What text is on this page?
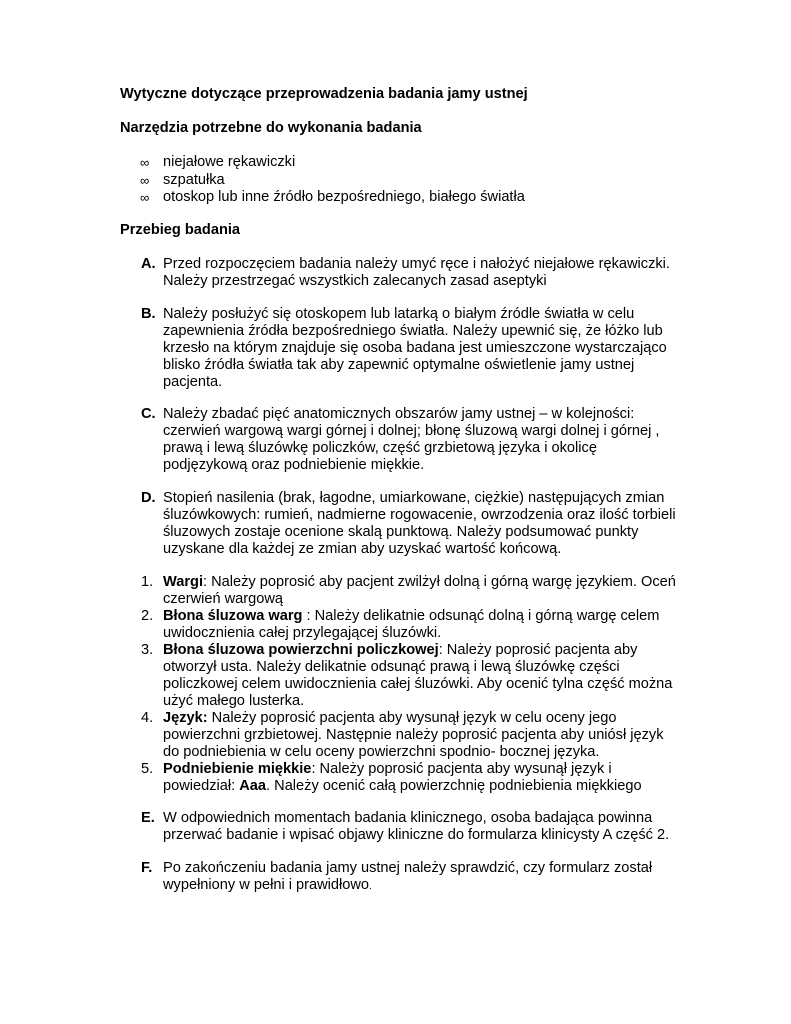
Wytyczne dotyczące przeprowadzenia badania jamy ustnej
Narzędzia potrzebne do wykonania badania
∞ niejałowe rękawiczki
∞ szpatułka
∞ otoskop lub inne źródło bezpośredniego, białego światła
Przebieg badania
A. Przed rozpoczęciem badania należy umyć ręce i nałożyć niejałowe rękawiczki. Należy przestrzegać wszystkich zalecanych zasad aseptyki
B. Należy posłużyć się otoskopem lub latarką o białym źródle światła w celu zapewnienia źródła bezpośredniego światła. Należy upewnić się, że łóżko lub krzesło na którym znajduje się osoba badana jest umieszczone wystarczająco blisko źródła światła tak aby zapewnić optymalne oświetlenie jamy ustnej pacjenta.
C. Należy zbadać pięć anatomicznych obszarów jamy ustnej – w kolejności: czerwień wargową wargi górnej i dolnej; błonę śluzową wargi dolnej i górnej , prawą i lewą śluzówkę policzków, część grzbietową języka i okolicę podjęzykową oraz podniebienie miękkie.
D. Stopień nasilenia (brak, łagodne, umiarkowane, ciężkie) następujących zmian śluzówkowych: rumień, nadmierne rogowacenie, owrzodzenia oraz ilość torbieli śluzowych zostaje ocenione skalą punktową. Należy podsumować punkty uzyskane dla każdej ze zmian aby uzyskać wartość końcową.
1. Wargi: Należy poprosić aby pacjent zwilżył dolną i górną wargę językiem. Oceń czerwień wargową
2. Błona śluzowa warg : Należy delikatnie odsunąć dolną i górną wargę celem uwidocznienia całej przylegającej śluzówki.
3. Błona śluzowa powierzchni policzkowej: Należy poprosić pacjenta aby otworzył usta. Należy delikatnie odsunąć prawą i lewą śluzówkę części policzkowej celem uwidocznienia całej śluzówki. Aby ocenić tylna część można użyć małego lusterka.
4. Język: Należy poprosić pacjenta aby wysunął język w celu oceny jego powierzchni grzbietowej. Następnie należy poprosić pacjenta aby uniósł język do podniebienia w celu oceny powierzchni spodnio- bocznej języka.
5. Podniebienie miękkie: Należy poprosić pacjenta aby wysunął język i powiedział: Aaa. Należy ocenić całą powierzchnię podniebienia miękkiego
E. W odpowiednich momentach badania klinicznego, osoba badająca powinna przerwać badanie i wpisać objawy kliniczne do formularza klinicysty A część 2.
F. Po zakończeniu badania jamy ustnej należy sprawdzić, czy formularz został wypełniony w pełni i prawidłowo.
